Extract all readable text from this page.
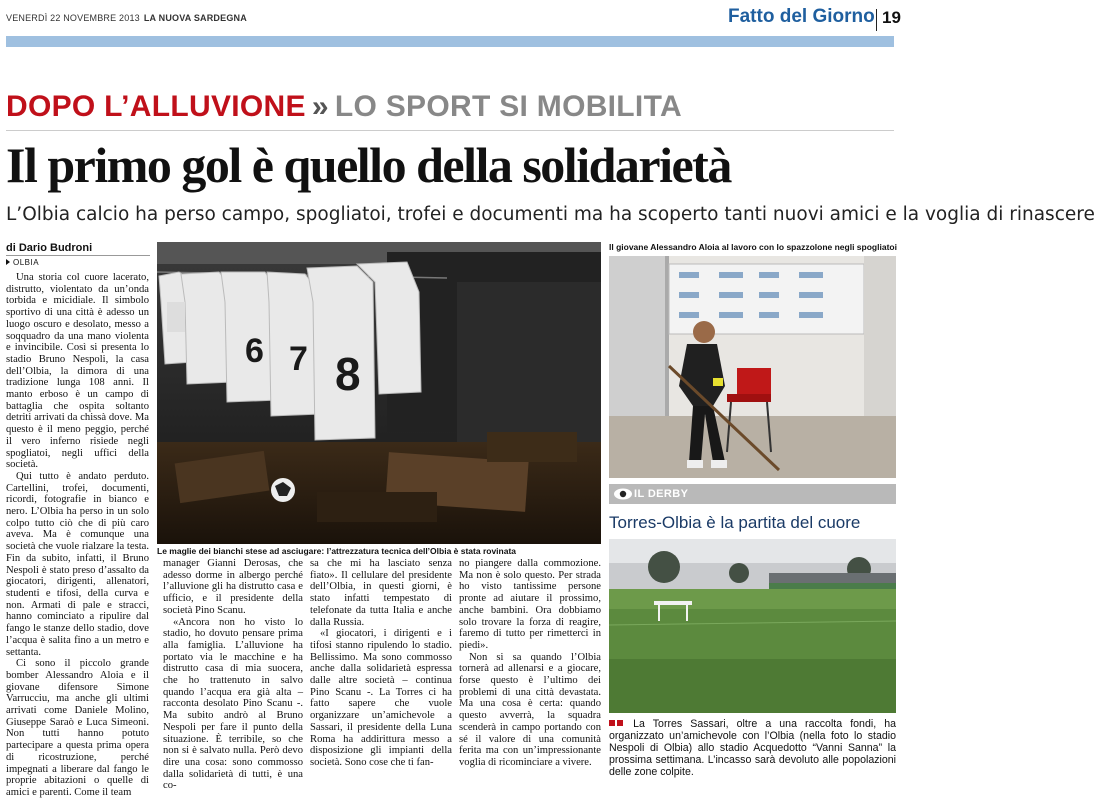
VENERDÌ 22 NOVEMBRE 2013 LA NUOVA SARDEGNA	Fatto del Giorno 19
DOPO L’ALLUVIONE » LO SPORT SI MOBILITA
Il primo gol è quello della solidarietà
L’Olbia calcio ha perso campo, spogliatoi, trofei e documenti ma ha scoperto tanti nuovi amici e la voglia di rinascere
di Dario Budroni
OLBIA

Una storia col cuore lacerato, distrutto, violentato da un’onda torbida e micidiale. Il simbolo sportivo di una città è adesso un luogo oscuro e desolato, messo a soqquadro da una mano violenta e invincibile. Così si presenta lo stadio Bruno Nespoli, la casa dell’Olbia, la dimora di una tradizione lunga 108 anni. Il manto erboso è un campo di battaglia che ospita soltanto detriti arrivati da chissà dove. Ma questo è il meno peggio, perché il vero inferno risiede negli spogliatoi, negli uffici della società.

Qui tutto è andato perduto. Cartellini, trofei, documenti, ricordi, fotografie in bianco e nero. L’Olbia ha perso in un solo colpo tutto ciò che di più caro aveva. Ma è comunque una società che vuole rialzare la testa. Fin da subito, infatti, il Bruno Nespoli è stato preso d’assalto da giocatori, dirigenti, allenatori, studenti e tifosi, della curva e non. Armati di pale e stracci, hanno cominciato a ripulire dal fango le stanze dello stadio, dove l’acqua è salita fino a un metro e settanta.

Ci sono il piccolo grande bomber Alessandro Aloia e il giovane difensore Simone Varrucciu, ma anche gli ultimi arrivati come Daniele Molino, Giuseppe Saraò e Luca Simeoni. Non tutti hanno potuto partecipare a questa prima opera di ricostruzione, perché impegnati a liberare dal fango le proprie abitazioni o quelle di amici e parenti. Come il team

manager Gianni Derosas, che adesso dorme in albergo perché l’alluvione gli ha distrutto casa e ufficio, e il presidente della società Pino Scanu.

«Ancora non ho visto lo stadio, ho dovuto pensare prima alla famiglia. L’alluvione ha portato via le macchine e ha distrutto casa di mia suocera, che ho trattenuto in salvo quando l’acqua era già alta – racconta desolato Pino Scanu -. Ma subito andrò al Bruno Nespoli per fare il punto della situazione. È terribile, so che non si è salvato nulla. Però devo dire una cosa: sono commosso dalla solidarietà di tutti, è una co-

sa che mi ha lasciato senza fiato». Il cellulare del presidente dell’Olbia, in questi giorni, è stato infatti tempestato di telefonate da tutta Italia e anche dalla Russia.

«I giocatori, i dirigenti e i tifosi stanno ripulendo lo stadio. Bellissimo. Ma sono commosso anche dalla solidarietà espressa dalle altre società – continua Pino Scanu -. La Torres ci ha fatto sapere che vuole organizzare un’amichevole a Sassari, il presidente della Luna Roma ha addirittura messo a disposizione gli impianti della società. Sono cose che ti fan-

no piangere dalla commozione. Ma non è solo questo. Per strada ho visto tantissime persone pronte ad aiutare il prossimo, anche bambini. Ora dobbiamo solo trovare la forza di reagire, faremo di tutto per rimetterci in piedi».

Non si sa quando l’Olbia tornerà ad allenarsi e a giocare, forse questo è l’ultimo dei problemi di una città devastata. Ma una cosa è certa: quando questo avverrà, la squadra scenderà in campo portando con sé il valore di una comunità ferita ma con un’impressionante voglia di ricominciare a vivere.

6 7 8
Le maglie dei bianchi stese ad asciugare: l’attrezzatura tecnica dell’Olbia è stata rovinata
Il giovane Alessandro Aloia al lavoro con lo spazzolone negli spogliatoi
IL DERBY
Torres-Olbia è la partita del cuore
La Torres Sassari, oltre a una raccolta fondi, ha organizzato un’amichevole con l’Olbia (nella foto lo stadio Nespoli di Olbia) allo stadio Acquedotto “Vanni Sanna” la prossima settimana. L’incasso sarà devoluto alle popolazioni delle zone colpite.
